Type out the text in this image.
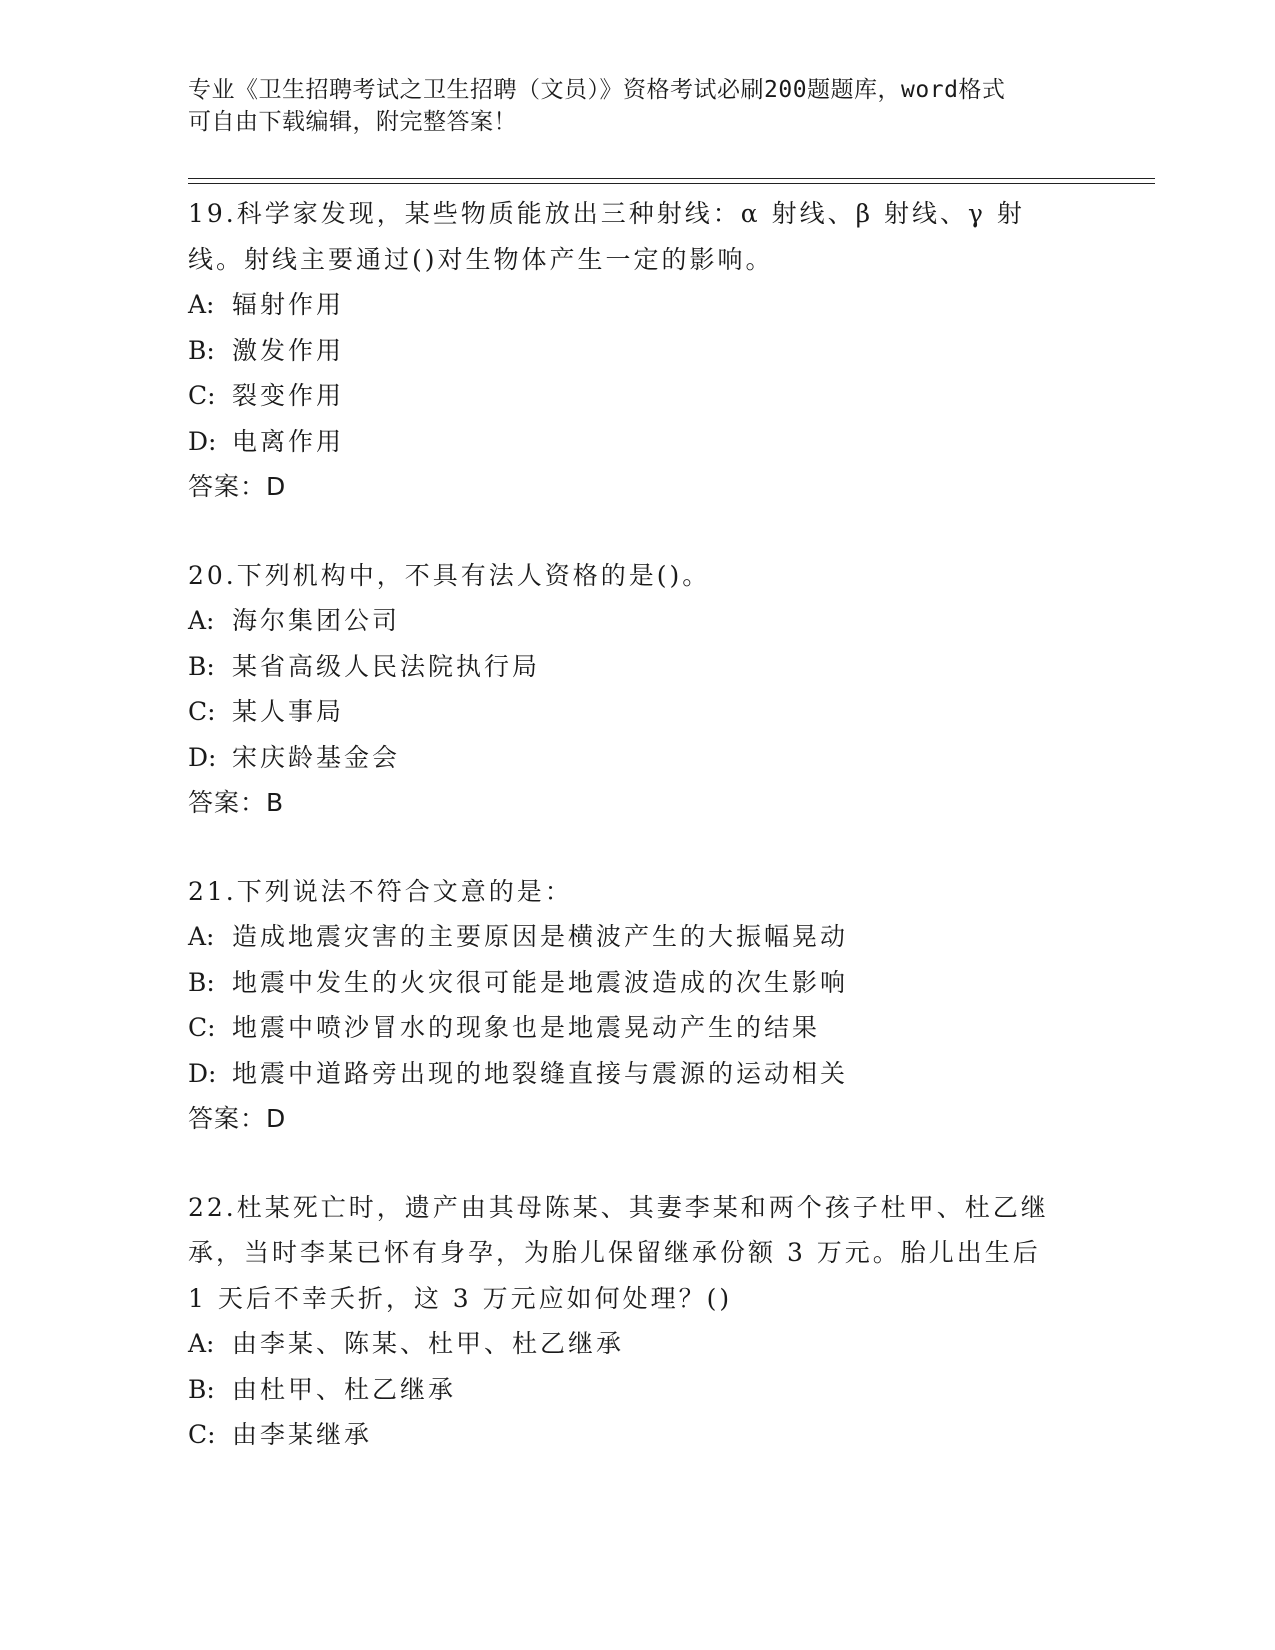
专业《卫生招聘考试之卫生招聘（文员）》资格考试必刷200题题库，word格式
可自由下载编辑，附完整答案！
19.科学家发现，某些物质能放出三种射线：α 射线、β 射线、γ 射
线。射线主要通过()对生物体产生一定的影响。
A: 辐射作用
B: 激发作用
C: 裂变作用
D: 电离作用
答案：D
20.下列机构中，不具有法人资格的是()。
A: 海尔集团公司
B: 某省高级人民法院执行局
C: 某人事局
D: 宋庆龄基金会
答案：B
21.下列说法不符合文意的是：
A: 造成地震灾害的主要原因是横波产生的大振幅晃动
B: 地震中发生的火灾很可能是地震波造成的次生影响
C: 地震中喷沙冒水的现象也是地震晃动产生的结果
D: 地震中道路旁出现的地裂缝直接与震源的运动相关
答案：D
22.杜某死亡时，遗产由其母陈某、其妻李某和两个孩子杜甲、杜乙继
承，当时李某已怀有身孕，为胎儿保留继承份额 3 万元。胎儿出生后
1 天后不幸夭折，这 3 万元应如何处理？()
A: 由李某、陈某、杜甲、杜乙继承
B: 由杜甲、杜乙继承
C: 由李某继承
